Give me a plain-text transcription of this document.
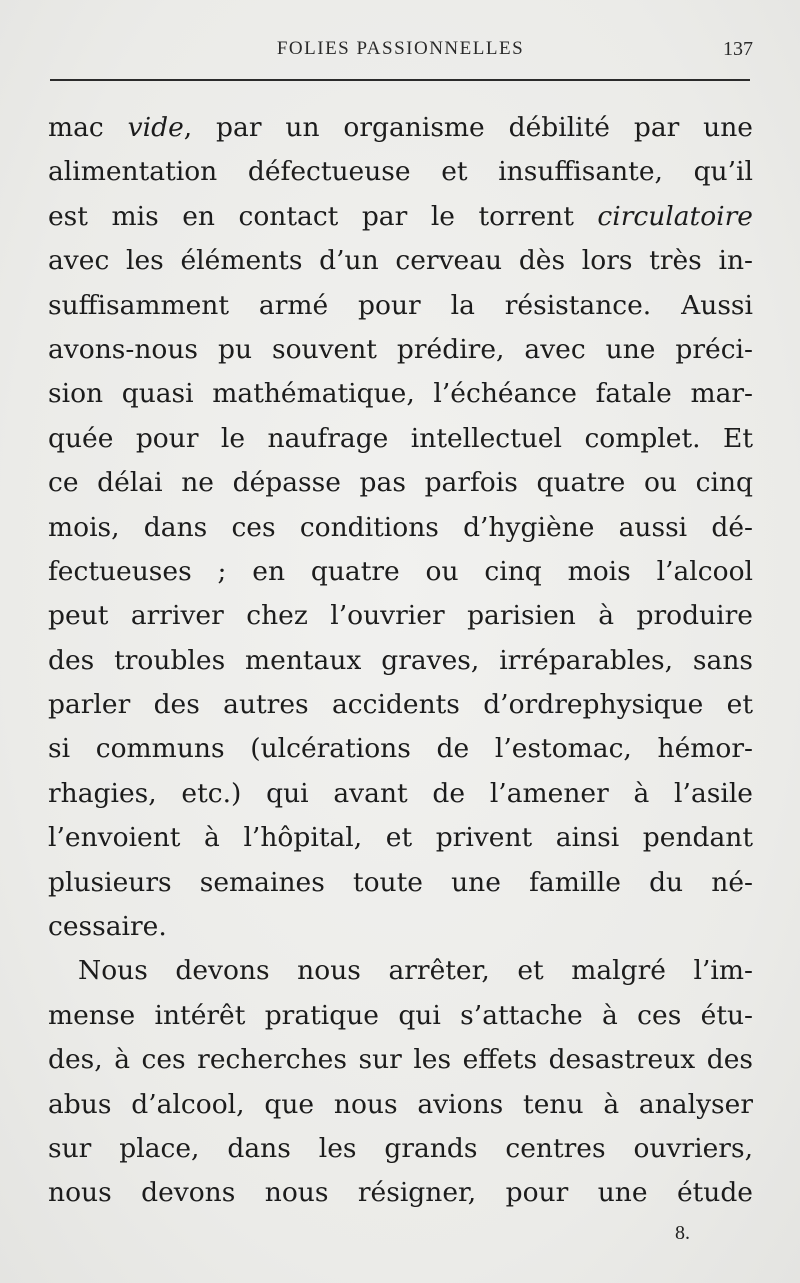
FOLIES PASSIONNELLES	137
mac vide, par un organisme débilité par une
alimentation défectueuse et insuffisante, qu’il
est mis en contact par le torrent circulatoire
avec les éléments d’un cerveau dès lors très in-
suffisamment armé pour la résistance. Aussi
avons-nous pu souvent prédire, avec une préci-
sion quasi mathématique, l’échéance fatale mar-
quée pour le naufrage intellectuel complet. Et
ce délai ne dépasse pas parfois quatre ou cinq
mois, dans ces conditions d’hygiène aussi dé-
fectueuses ; en quatre ou cinq mois l’alcool
peut arriver chez l’ouvrier parisien à produire
des troubles mentaux graves, irréparables, sans
parler des autres accidents d’ordrephysique et
si communs (ulcérations de l’estomac, hémor-
rhagies, etc.) qui avant de l’amener à l’asile
l’envoient à l’hôpital, et privent ainsi pendant
plusieurs semaines toute une famille du né-
cessaire.
Nous devons nous arrêter, et malgré l’im-
mense intérêt pratique qui s’attache à ces étu-
des, à ces recherches sur les effets desastreux des
abus d’alcool, que nous avions tenu à analyser
sur place, dans les grands centres ouvriers,
nous devons nous résigner, pour une étude
8.
